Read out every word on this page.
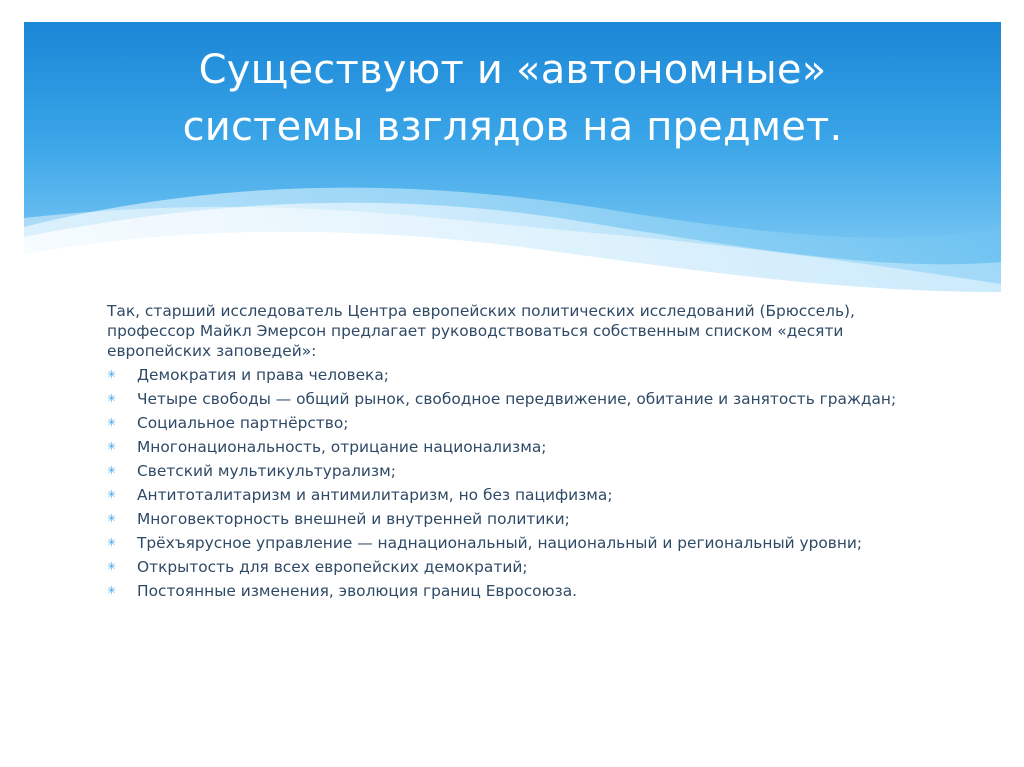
Существуют и «автономные»
системы взглядов на предмет.

Так, старший исследователь Центра европейских политических исследований (Брюссель), профессор Майкл Эмерсон предлагает руководствоваться собственным списком «десяти европейских заповедей»:

✳ Демократия и права человека;
✳ Четыре свободы — общий рынок, свободное передвижение, обитание и занятость граждан;
✳ Социальное партнёрство;
✳ Многонациональность, отрицание национализма;
✳ Светский мультикультурализм;
✳ Антитоталитаризм и антимилитаризм, но без пацифизма;
✳ Многовекторность внешней и внутренней политики;
✳ Трёхъярусное управление — наднациональный, национальный и региональный уровни;
✳ Открытость для всех европейских демократий;
✳ Постоянные изменения, эволюция границ Евросоюза.
